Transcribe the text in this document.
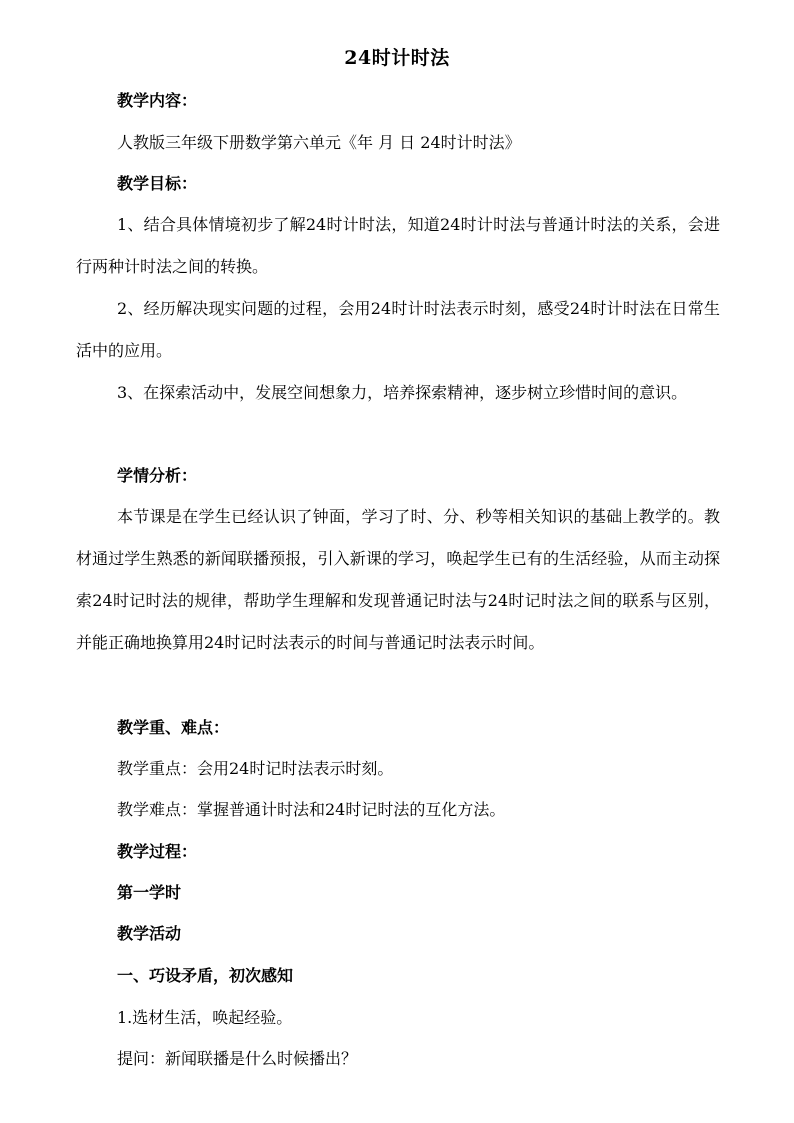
24时计时法
教学内容：
人教版三年级下册数学第六单元《年 月 日 24时计时法》
教学目标：
1、结合具体情境初步了解24时计时法，知道24时计时法与普通计时法的关系，会进行两种计时法之间的转换。
2、经历解决现实问题的过程，会用24时计时法表示时刻，感受24时计时法在日常生活中的应用。
3、在探索活动中，发展空间想象力，培养探索精神，逐步树立珍惜时间的意识。
学情分析：
本节课是在学生已经认识了钟面，学习了时、分、秒等相关知识的基础上教学的。教材通过学生熟悉的新闻联播预报，引入新课的学习，唤起学生已有的生活经验，从而主动探索24时记时法的规律，帮助学生理解和发现普通记时法与24时记时法之间的联系与区别，并能正确地换算用24时记时法表示的时间与普通记时法表示时间。
教学重、难点：
教学重点：会用24时记时法表示时刻。
教学难点：掌握普通计时法和24时记时法的互化方法。
教学过程：
第一学时
教学活动
一、巧设矛盾，初次感知
1.选材生活，唤起经验。
提问：新闻联播是什么时候播出？
